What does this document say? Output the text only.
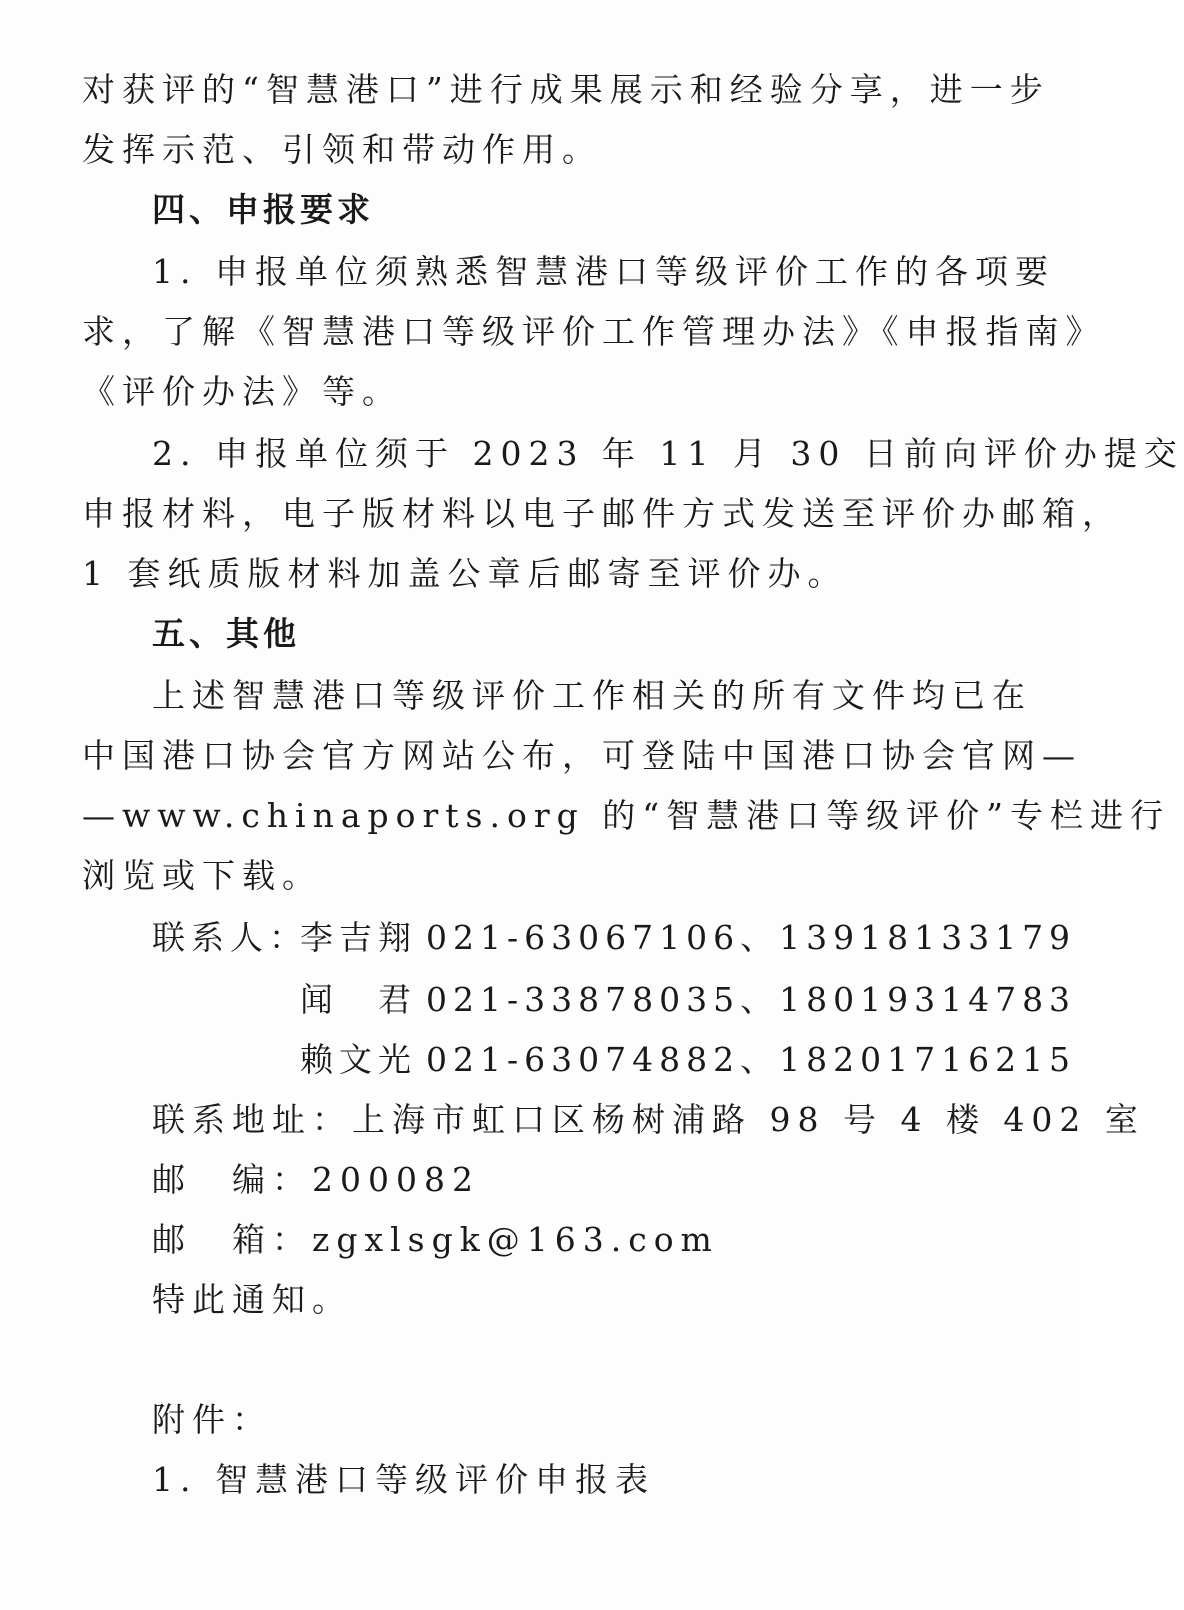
对获评的“智慧港口”进行成果展示和经验分享，进一步
发挥示范、引领和带动作用。
四、申报要求
1. 申报单位须熟悉智慧港口等级评价工作的各项要
求，了解《智慧港口等级评价工作管理办法》《申报指南》
《评价办法》等。
2. 申报单位须于 2023 年 11 月 30 日前向评价办提交
申报材料，电子版材料以电子邮件方式发送至评价办邮箱，
1 套纸质版材料加盖公章后邮寄至评价办。
五、其他
上述智慧港口等级评价工作相关的所有文件均已在
中国港口协会官方网站公布，可登陆中国港口协会官网—
—www.chinaports.org 的“智慧港口等级评价”专栏进行
浏览或下载。
联系人：
李吉翔 021-63067106、13918133179
闻　君 021-33878035、18019314783
赖文光 021-63074882、18201716215
联系地址：上海市虹口区杨树浦路 98 号 4 楼 402 室
邮　编：200082
邮　箱：zgxlsgk@163.com
特此通知。
附件：
1. 智慧港口等级评价申报表
